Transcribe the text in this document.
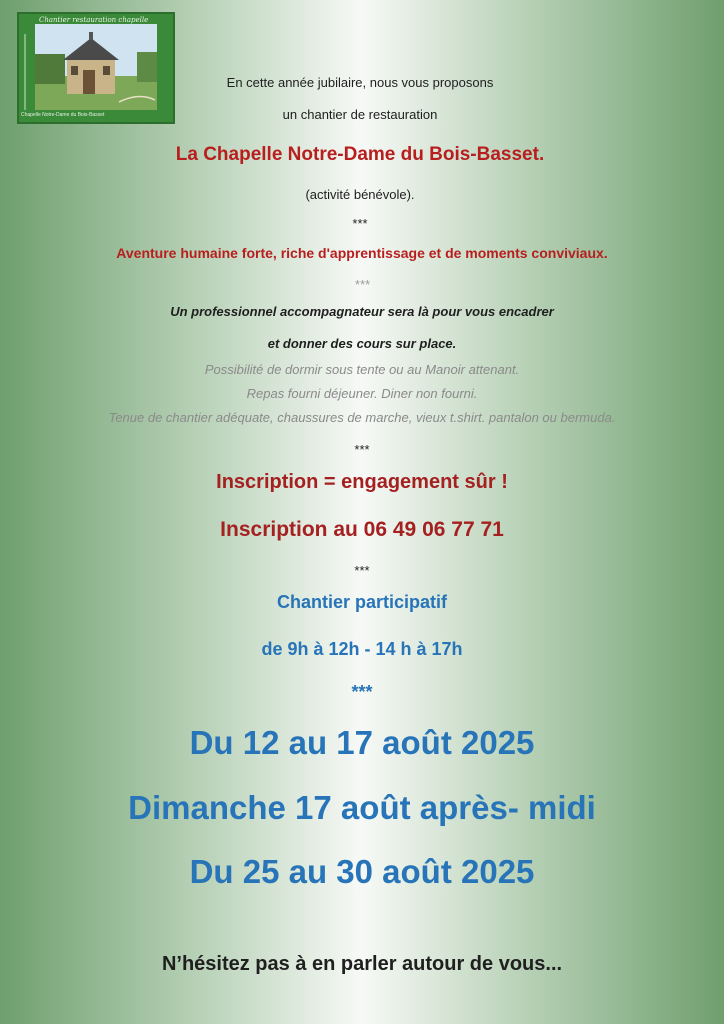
Chantier restauration chapelle
Chapelle Notre-Dame du Bois-Basset
En cette année jubilaire, nous vous proposons
un chantier de restauration
La Chapelle Notre-Dame du Bois-Basset.
(activité bénévole).
***
Aventure humaine forte, riche d'apprentissage et de moments conviviaux.
***
Un professionnel accompagnateur sera là pour vous encadrer
et donner des cours sur place.
Possibilité de dormir sous tente ou au Manoir attenant.
Repas fourni déjeuner. Diner non fourni.
Tenue de chantier adéquate, chaussures de marche, vieux t.shirt. pantalon ou bermuda.
***
Inscription = engagement sûr !
Inscription au 06 49 06 77 71
***
Chantier participatif
de 9h à 12h - 14 h à 17h
***
Du 12 au 17 août 2025
Dimanche 17 août après- midi
Du 25 au 30 août 2025
N’hésitez pas à en parler autour de vous...
